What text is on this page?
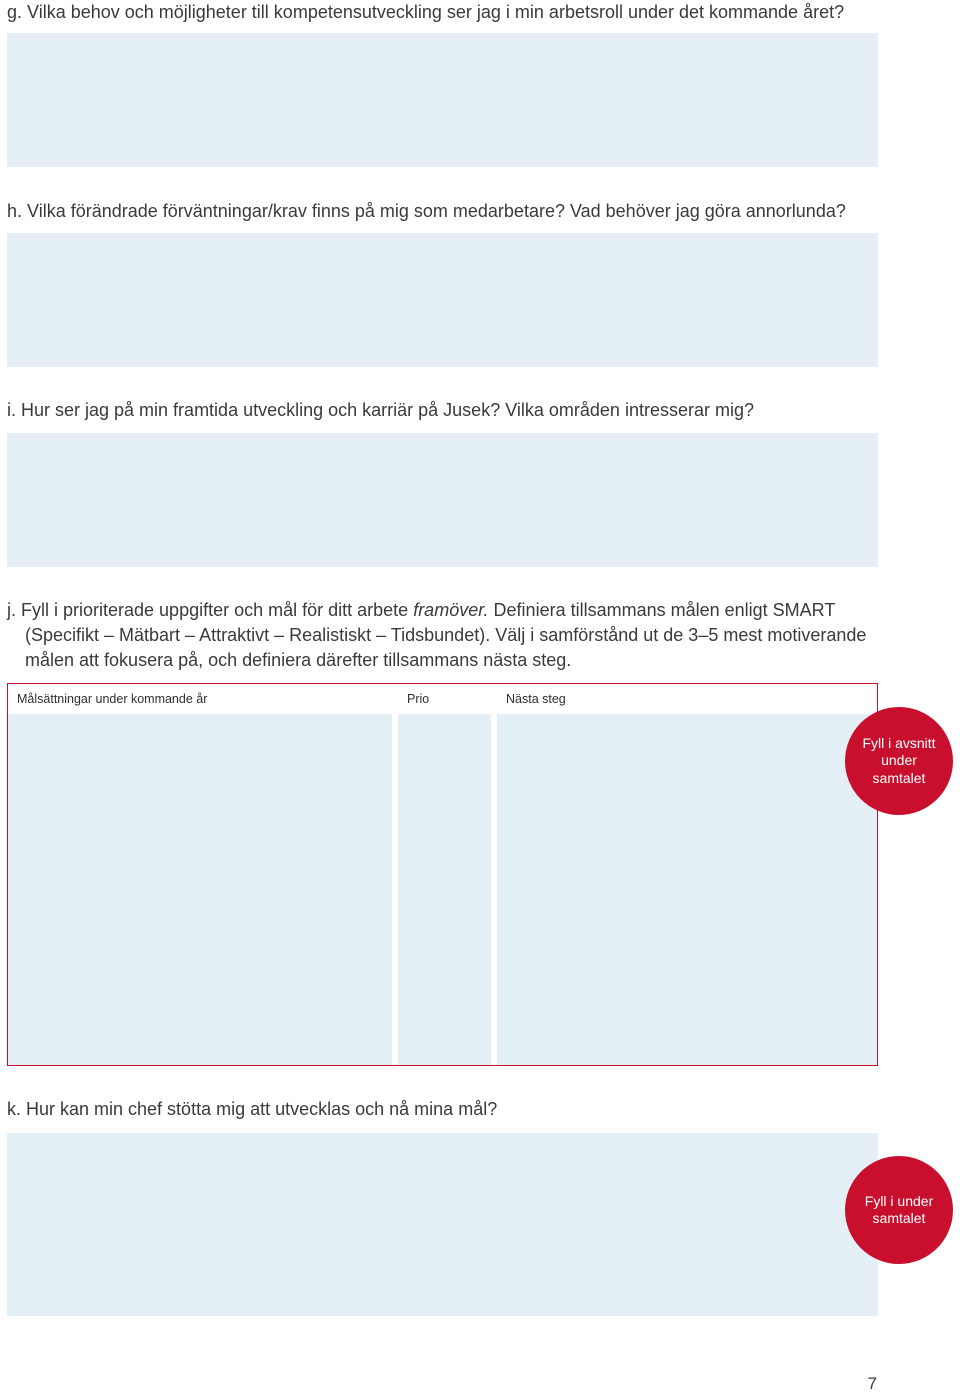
g. Vilka behov och möjligheter till kompetensutveckling ser jag i min arbetsroll under det kommande året?
h. Vilka förändrade förväntningar/krav finns på mig som medarbetare? Vad behöver jag göra annorlunda?
i. Hur ser jag på min framtida utveckling och karriär på Jusek? Vilka områden intresserar mig?
j. Fyll i prioriterade uppgifter och mål för ditt arbete framöver. Definiera tillsammans målen enligt SMART
(Specifikt – Mätbart – Attraktivt – Realistiskt – Tidsbundet). Välj i samförstånd ut de 3–5 mest motiverande
målen att fokusera på, och definiera därefter tillsammans nästa steg.
Målsättningar under kommande år	Prio	Nästa steg
Fyll i avsnitt under samtalet
k. Hur kan min chef stötta mig att utvecklas och nå mina mål?
Fyll i under samtalet
7
